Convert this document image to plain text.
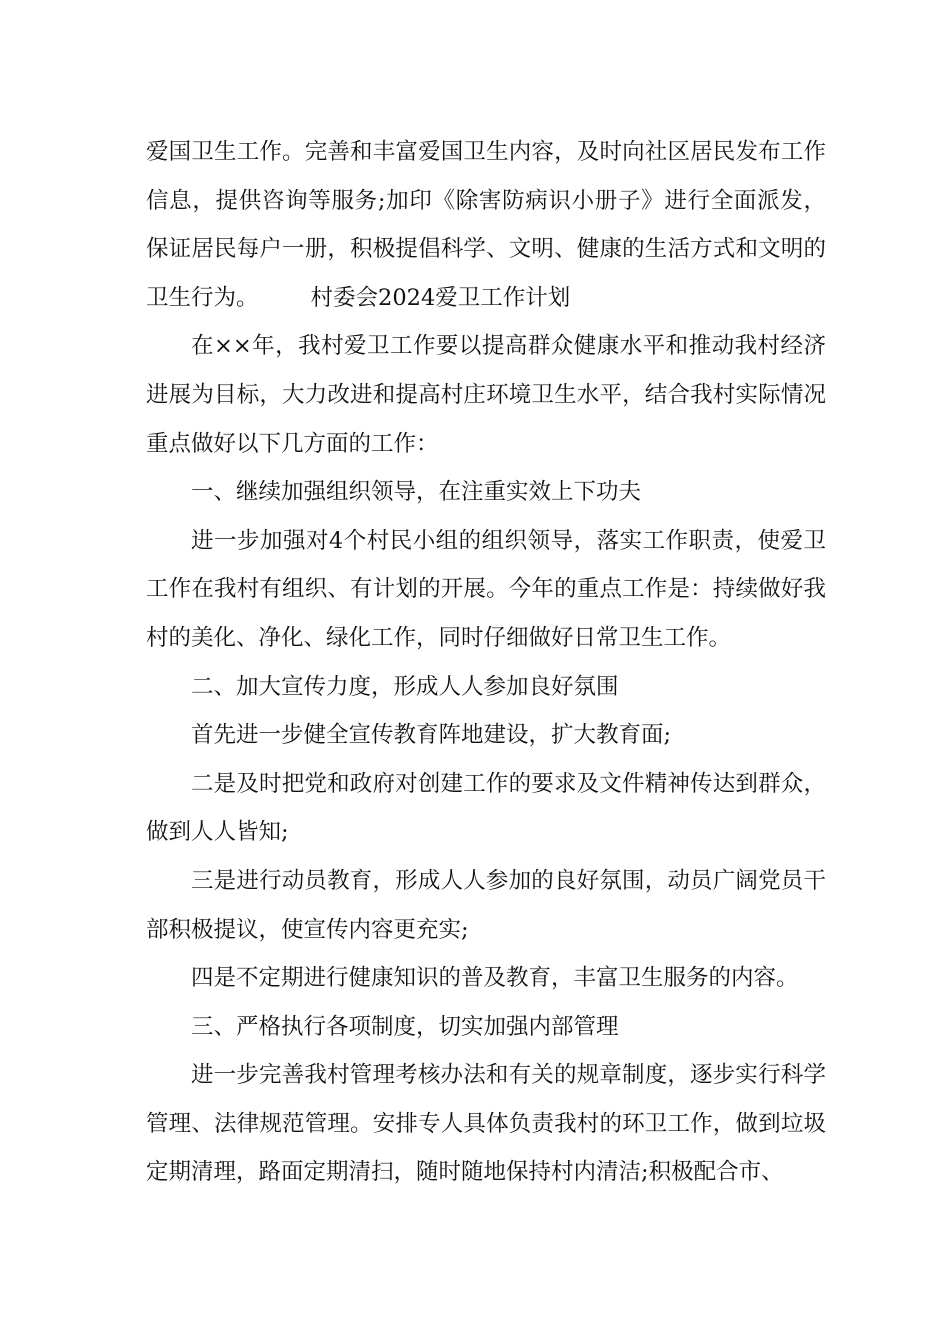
爱国卫生工作。完善和丰富爱国卫生内容，及时向社区居民发布工作信息，提供咨询等服务;加印《除害防病识小册子》进行全面派发，保证居民每户一册，积极提倡科学、文明、健康的生活方式和文明的卫生行为。 村委会2024爱卫工作计划

在××年，我村爱卫工作要以提高群众健康水平和推动我村经济进展为目标，大力改进和提高村庄环境卫生水平，结合我村实际情况重点做好以下几方面的工作：

一、继续加强组织领导，在注重实效上下功夫

进一步加强对4个村民小组的组织领导，落实工作职责，使爱卫工作在我村有组织、有计划的开展。今年的重点工作是：持续做好我村的美化、净化、绿化工作，同时仔细做好日常卫生工作。

二、加大宣传力度，形成人人参加良好氛围

首先进一步健全宣传教育阵地建设，扩大教育面;

二是及时把党和政府对创建工作的要求及文件精神传达到群众，做到人人皆知;

三是进行动员教育，形成人人参加的良好氛围，动员广阔党员干部积极提议，使宣传内容更充实;

四是不定期进行健康知识的普及教育，丰富卫生服务的内容。

三、严格执行各项制度，切实加强内部管理

进一步完善我村管理考核办法和有关的规章制度，逐步实行科学管理、法律规范管理。安排专人具体负责我村的环卫工作，做到垃圾定期清理，路面定期清扫，随时随地保持村内清洁;积极配合市、
